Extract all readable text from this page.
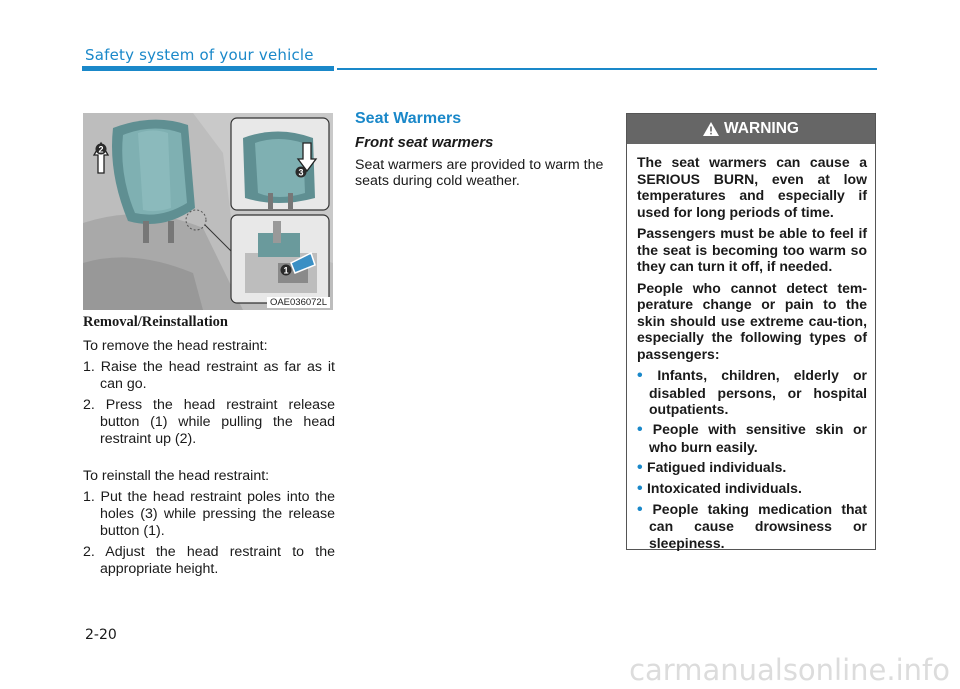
Safety system of your vehicle
2
3
1
OAE036072L
Removal/Reinstallation

To remove the head restraint:

1. Raise the head restraint as far as it can go.
2. Press the head restraint release button (1) while pulling the head restraint up (2).

To reinstall the head restraint:

1. Put the head restraint poles into the holes (3) while pressing the release button (1).
2. Adjust the head restraint to the appropriate height.
Seat Warmers
Front seat warmers

Seat warmers are provided to warm the seats during cold weather.

WARNING

The seat warmers can cause a SERIOUS BURN, even at low temperatures and especially if used for long periods of time.

Passengers must be able to feel if the seat is becoming too warm so they can turn it off, if needed.

People who cannot detect tem-perature change or pain to the skin should use extreme cau-tion, especially the following types of passengers:

• Infants, children, elderly or disabled persons, or hospital outpatients.
• People with sensitive skin or who burn easily.
• Fatigued individuals.
• Intoxicated individuals.
• People taking medication that can cause drowsiness or sleepiness.
2-20
carmanualsonline.info
